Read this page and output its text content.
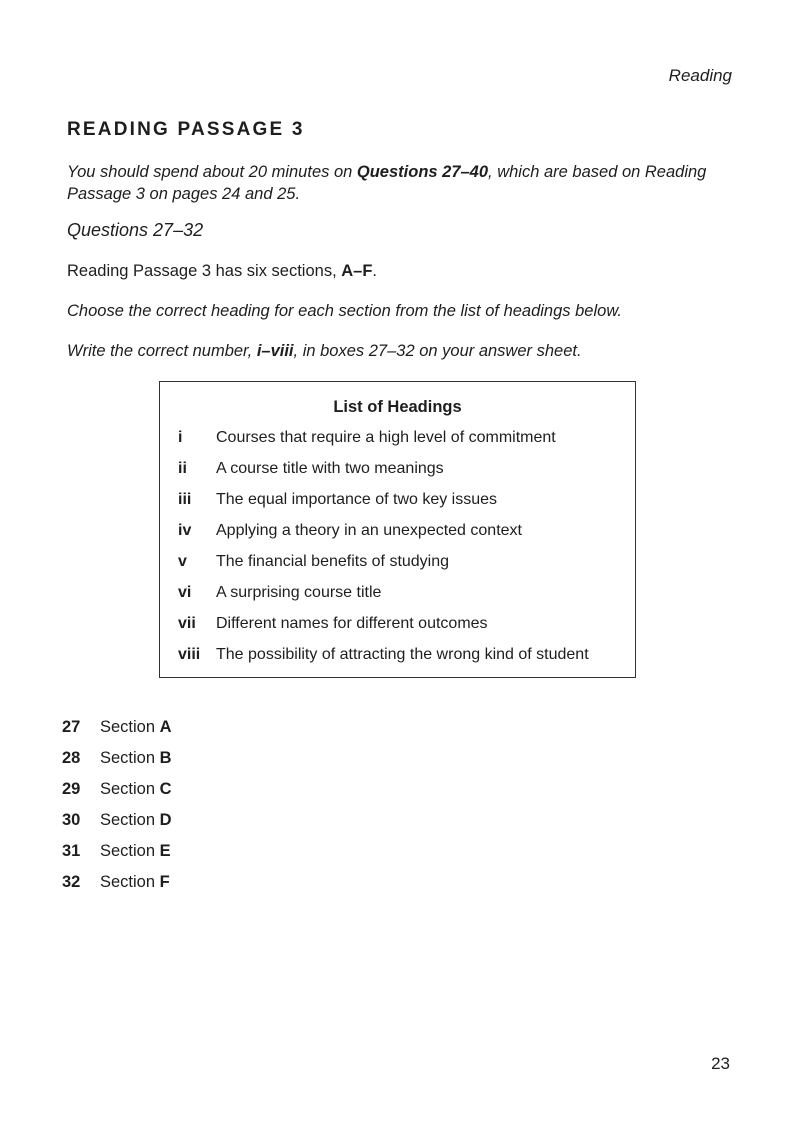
Reading
READING PASSAGE 3
You should spend about 20 minutes on Questions 27–40, which are based on Reading Passage 3 on pages 24 and 25.
Questions 27–32
Reading Passage 3 has six sections, A–F.
Choose the correct heading for each section from the list of headings below.
Write the correct number, i–viii, in boxes 27–32 on your answer sheet.
List of Headings
i	Courses that require a high level of commitment
ii	A course title with two meanings
iii	The equal importance of two key issues
iv	Applying a theory in an unexpected context
v	The financial benefits of studying
vi	A surprising course title
vii	Different names for different outcomes
viii The possibility of attracting the wrong kind of student
27 Section A
28 Section B
29 Section C
30 Section D
31 Section E
32 Section F
23
